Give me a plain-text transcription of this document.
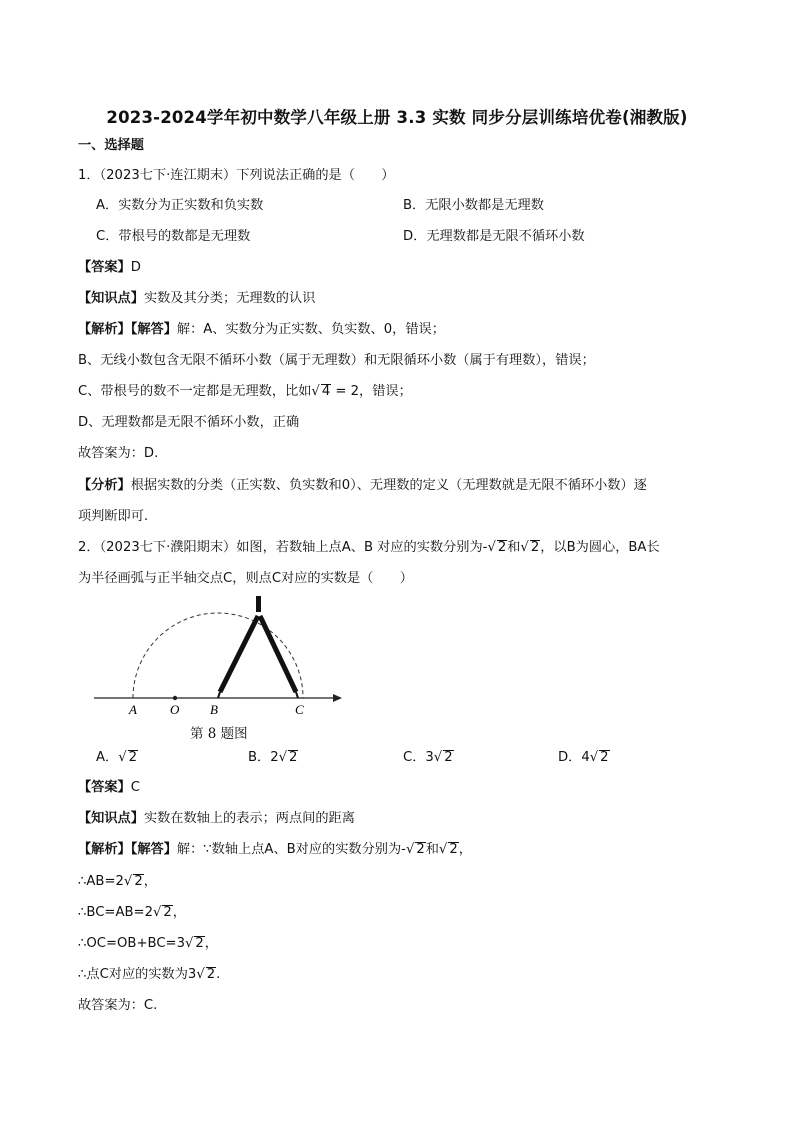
2023-2024学年初中数学八年级上册 3.3 实数 同步分层训练培优卷(湘教版)
一、选择题
1．（2023七下·连江期末）下列说法正确的是（　　）
A．实数分为正实数和负实数	B．无限小数都是无理数
C．带根号的数都是无理数	D．无理数都是无限不循环小数
【答案】D
【知识点】实数及其分类；无理数的认识
【解析】【解答】解：A、实数分为正实数、负实数、0，错误；
B、无线小数包含无限不循环小数（属于无理数）和无限循环小数（属于有理数），错误；
C、带根号的数不一定都是无理数，比如√ 4 = 2，错误；
D、无理数都是无限不循环小数，正确
故答案为：D.
【分析】根据实数的分类（正实数、负实数和0）、无理数的定义（无理数就是无限不循环小数）逐
项判断即可.
2．（2023七下·濮阳期末）如图，若数轴上点A、B 对应的实数分别为-√ 2和√ 2，以B为圆心，BA长
为半径画弧与正半轴交点C，则点C对应的实数是（　　）
A	O B	C
第 8 题图
A．√ 2	B．2√ 2	C．3√ 2	D．4√ 2
【答案】C
【知识点】实数在数轴上的表示；两点间的距离
【解析】【解答】解：∵数轴上点A、B对应的实数分别为-√ 2和√ 2，
∴AB=2√ 2，
∴BC=AB=2√ 2，
∴OC=OB+BC=3√ 2，
∴点C对应的实数为3√ 2.
故答案为：C.
